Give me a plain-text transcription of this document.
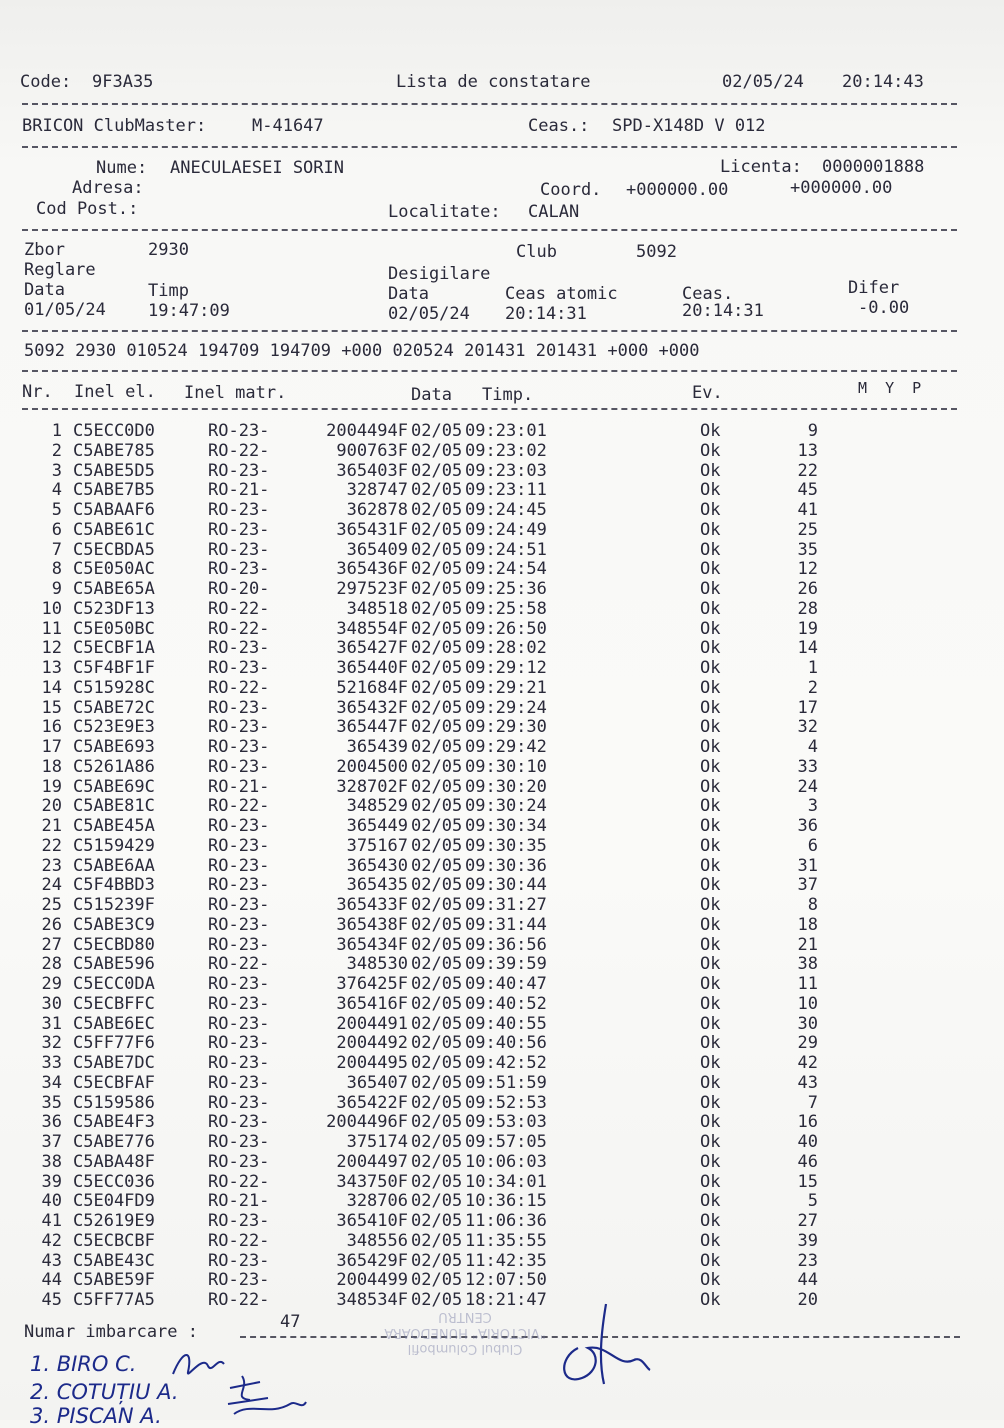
Code: 9F3A35	Lista de constatare	02/05/24 20:14:43
BRICON ClubMaster:	M-41647	Ceas.: SPD-X148D V 012
Nume: ANECULAESEI SORIN	Licenta: 0000001888
Adresa:	Coord. +000000.00	+000000.00
Cod Post.:	Localitate: CALAN
Zbor	2930	Club	5092
Reglare	Desigilare
Data	Timp	Data	Ceas atomic	Ceas.	Difer
01/05/24 19:47:09	02/05/24 20:14:31	20:14:31	-0.00
5092 2930 010524 194709 194709 +000 020524 201431 201431 +000 +000
Nr. Inel el. Inel matr.	Data Timp.	Ev.	M  Y  P
1 C5ECC0D0	RO-23-	2004494F 02/05 09:23:01	Ok	9
2 C5ABE785	RO-22-	900763F 02/05 09:23:02	Ok	13
3 C5ABE5D5	RO-23-	365403F 02/05 09:23:03	Ok	22
4 C5ABE7B5	RO-21-	328747 02/05 09:23:11	Ok	45
5 C5ABAAF6	RO-23-	362878 02/05 09:24:45	Ok	41
6 C5ABE61C	RO-23-	365431F 02/05 09:24:49	Ok	25
7 C5ECBDA5	RO-23-	365409 02/05 09:24:51	Ok	35
8 C5E050AC	RO-23-	365436F 02/05 09:24:54	Ok	12
9 C5ABE65A	RO-20-	297523F 02/05 09:25:36	Ok	26
10 C523DF13	RO-22-	348518 02/05 09:25:58	Ok	28
11 C5E050BC	RO-22-	348554F 02/05 09:26:50	Ok	19
12 C5ECBF1A	RO-23-	365427F 02/05 09:28:02	Ok	14
13 C5F4BF1F	RO-23-	365440F 02/05 09:29:12	Ok	1
14 C515928C	RO-22-	521684F 02/05 09:29:21	Ok	2
15 C5ABE72C	RO-23-	365432F 02/05 09:29:24	Ok	17
16 C523E9E3	RO-23-	365447F 02/05 09:29:30	Ok	32
17 C5ABE693	RO-23-	365439 02/05 09:29:42	Ok	4
18 C5261A86	RO-23-	2004500 02/05 09:30:10	Ok	33
19 C5ABE69C	RO-21-	328702F 02/05 09:30:20	Ok	24
20 C5ABE81C	RO-22-	348529 02/05 09:30:24	Ok	3
21 C5ABE45A	RO-23-	365449 02/05 09:30:34	Ok	36
22 C5159429	RO-23-	375167 02/05 09:30:35	Ok	6
23 C5ABE6AA	RO-23-	365430 02/05 09:30:36	Ok	31
24 C5F4BBD3	RO-23-	365435 02/05 09:30:44	Ok	37
25 C515239F	RO-23-	365433F 02/05 09:31:27	Ok	8
26 C5ABE3C9	RO-23-	365438F 02/05 09:31:44	Ok	18
27 C5ECBD80	RO-23-	365434F 02/05 09:36:56	Ok	21
28 C5ABE596	RO-22-	348530 02/05 09:39:59	Ok	38
29 C5ECC0DA	RO-23-	376425F 02/05 09:40:47	Ok	11
30 C5ECBFFC	RO-23-	365416F 02/05 09:40:52	Ok	10
31 C5ABE6EC	RO-23-	2004491 02/05 09:40:55	Ok	30
32 C5FF77F6	RO-23-	2004492 02/05 09:40:56	Ok	29
33 C5ABE7DC	RO-23-	2004495 02/05 09:42:52	Ok	42
34 C5ECBFAF	RO-23-	365407 02/05 09:51:59	Ok	43
35 C5159586	RO-23-	365422F 02/05 09:52:53	Ok	7
36 C5ABE4F3	RO-23-	2004496F 02/05 09:53:03	Ok	16
37 C5ABE776	RO-23-	375174 02/05 09:57:05	Ok	40
38 C5ABA48F	RO-23-	2004497 02/05 10:06:03	Ok	46
39 C5ECC036	RO-22-	343750F 02/05 10:34:01	Ok	15
40 C5E04FD9	RO-21-	328706 02/05 10:36:15	Ok	5
41 C52619E9	RO-23-	365410F 02/05 11:06:36	Ok	27
42 C5ECBCBF	RO-22-	348556 02/05 11:35:55	Ok	39
43 C5ABE43C	RO-23-	365429F 02/05 11:42:35	Ok	23
44 C5ABE59F	RO-23-	2004499 02/05 12:07:50	Ok	44
45 C5FF77A5	RO-22-	348534F 02/05 18:21:47	Ok	20
Numar imbarcare :	47
Clubul Columbofil
"VICTORIA" HUNEDOARA
CENTRU
1. BIRO C.
2. COTUȚIU A.
3. PISCAN A.
